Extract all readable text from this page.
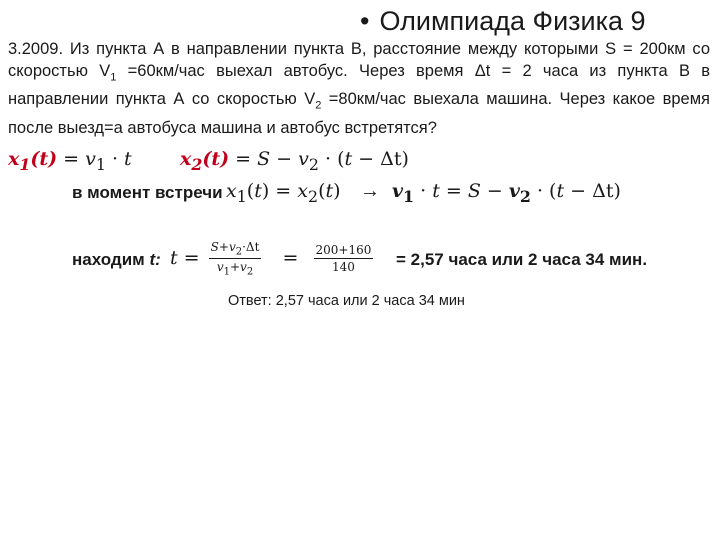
• Олимпиада Физика 9
3.2009. Из пункта А в направлении пункта В, расстояние между которыми S = 200км со скоростью $V_1 =60км/час$ выехал автобус. Через время Δt = 2 часа из пункта В в направлении пункта А со скоростью $V_2 =80км/час$ выехала машина. Через какое время после выезд=а автобуса машина и автобус встретятся?
$x_1(t) = v_1 \cdot t$	$x_2(t) = S - v_2 \cdot (t - \Delta t)$
в момент встречи $x_1(t) = x_2(t) \to v_1 \cdot t = S - v_2 \cdot (t - \Delta t)$
находим t: $t = \frac{S+v_2\cdot\Delta t}{v_1+v_2} = \frac{200+160}{140} = 2,57$ часа или 2 часа 34 мин.
Ответ: 2,57 часа или 2 часа 34 мин
